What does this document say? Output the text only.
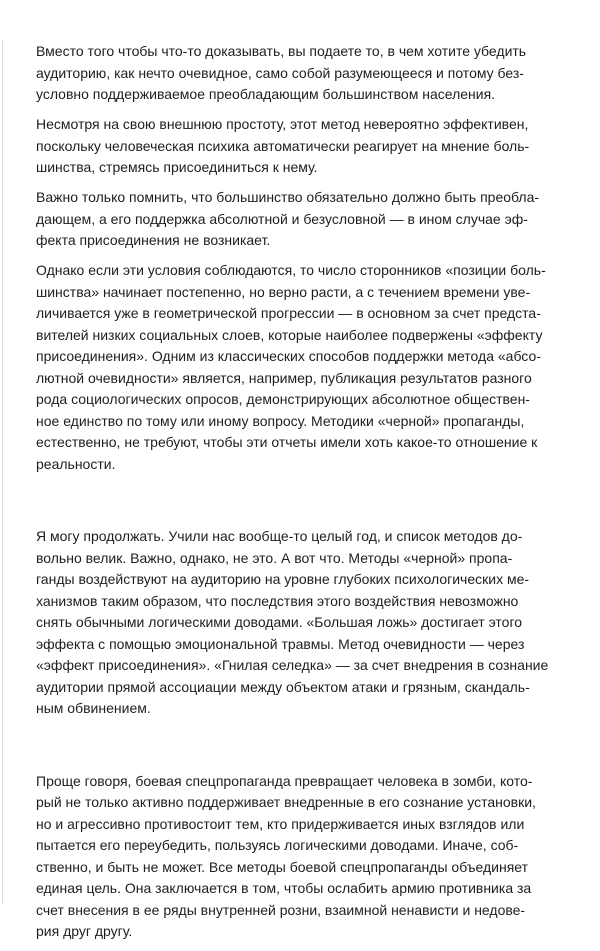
Вместо того чтобы что-то доказывать, вы подаете то, в чем хотите убедить
аудиторию, как нечто очевидное, само собой разумеющееся и потому без-
условно поддерживаемое преобладающим большинством населения.

Несмотря на свою внешнюю простоту, этот метод невероятно эффективен,
поскольку человеческая психика автоматически реагирует на мнение боль-
шинства, стремясь присоединиться к нему.

Важно только помнить, что большинство обязательно должно быть преобла-
дающем, а его поддержка абсолютной и безусловной — в ином случае эф-
фекта присоединения не возникает.

Однако если эти условия соблюдаются, то число сторонников «позиции боль-
шинства» начинает постепенно, но верно расти, а с течением времени уве-
личивается уже в геометрической прогрессии — в основном за счет предста-
вителей низких социальных слоев, которые наиболее подвержены «эффекту
присоединения». Одним из классических способов поддержки метода «абсо-
лютной очевидности» является, например, публикация результатов разного
рода социологических опросов, демонстрирующих абсолютное обществен-
ное единство по тому или иному вопросу. Методики «черной» пропаганды,
естественно, не требуют, чтобы эти отчеты имели хоть какое-то отношение к
реальности.

Я могу продолжать. Учили нас вообще-то целый год, и список методов до-
вольно велик. Важно, однако, не это. А вот что. Методы «черной» пропа-
ганды воздействуют на аудиторию на уровне глубоких психологических ме-
ханизмов таким образом, что последствия этого воздействия невозможно
снять обычными логическими доводами. «Большая ложь» достигает этого
эффекта с помощью эмоциональной травмы. Метод очевидности — через
«эффект присоединения». «Гнилая селедка» — за счет внедрения в сознание
аудитории прямой ассоциации между объектом атаки и грязным, скандаль-
ным обвинением.

Проще говоря, боевая спецпропаганда превращает человека в зомби, кото-
рый не только активно поддерживает внедренные в его сознание установки,
но и агрессивно противостоит тем, кто придерживается иных взглядов или
пытается его переубедить, пользуясь логическими доводами. Иначе, соб-
ственно, и быть не может. Все методы боевой спецпропаганды объединяет
единая цель. Она заключается в том, чтобы ослабить армию противника за
счет внесения в ее ряды внутренней розни, взаимной ненависти и недове-
рия друг другу.
